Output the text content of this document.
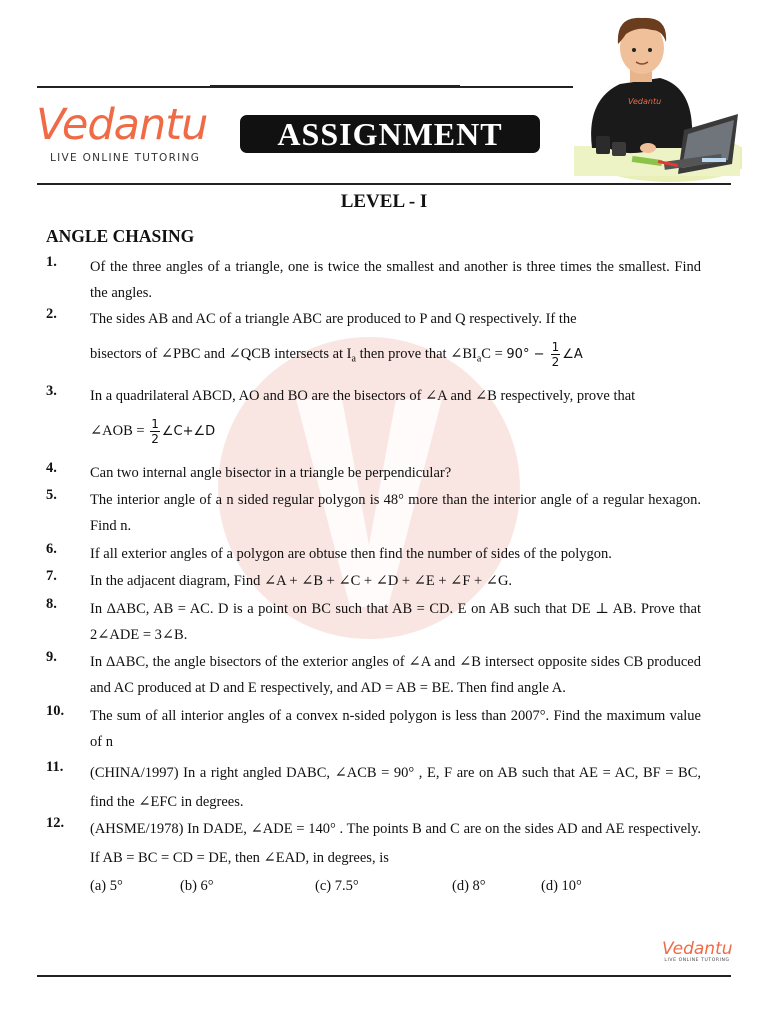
Vedantu
LIVE ONLINE TUTORING
ASSIGNMENT
Vedantu
LEVEL - I
ANGLE CHASING
1. Of the three angles of a triangle, one is twice the smallest and another is three times the smallest. Find the angles.

2. The sides AB and AC of a triangle ABC are produced to P and Q respectively. If the

bisectors of ∠PBC and ∠QCB intersects at $I_a$ then prove that $\angle BI_aC = 90^\circ - \frac{1}{2}$ ∠A

3. In a quadrilateral ABCD, AO and BO are the bisectors of ∠A and ∠B respectively, prove that

∠AOB = $\frac{1}{2}$ ∠C+∠D

4. Can two internal angle bisector in a triangle be perpendicular?

5. The interior angle of a n sided regular polygon is 48° more than the interior angle of a regular hexagon. Find n.

6. If all exterior angles of a polygon are obtuse then find the number of sides of the polygon.

7. In the adjacent diagram, Find ∠A + ∠B + ∠C + ∠D + ∠E + ∠F + ∠G.

8. In ΔABC, AB = AC. D is a point on BC such that AB = CD. E on AB such that DE ⊥ AB. Prove that 2∠ADE = 3∠B.

9. In ΔABC, the angle bisectors of the exterior angles of ∠A and ∠B intersect opposite sides CB produced and AC produced at D and E respectively, and AD = AB = BE. Then find angle A.

10. The sum of all interior angles of a convex n-sided polygon is less than 2007°. Find the maximum value of n

11. (CHINA/1997) In a right angled DABC, ∠ACB = 90° , E, F are on AB such that AE = AC, BF = BC, find the ∠EFC in degrees.

12. (AHSME/1978) In DADE, ∠ADE = 140° . The points B and C are on the sides AD and AE respectively. If AB = BC = CD = DE, then ∠EAD, in degrees, is

(a) 5°	(b) 6°	(c) 7.5°	(d) 8°	(d) 10°
Vedantu
LIVE ONLINE TUTORING
